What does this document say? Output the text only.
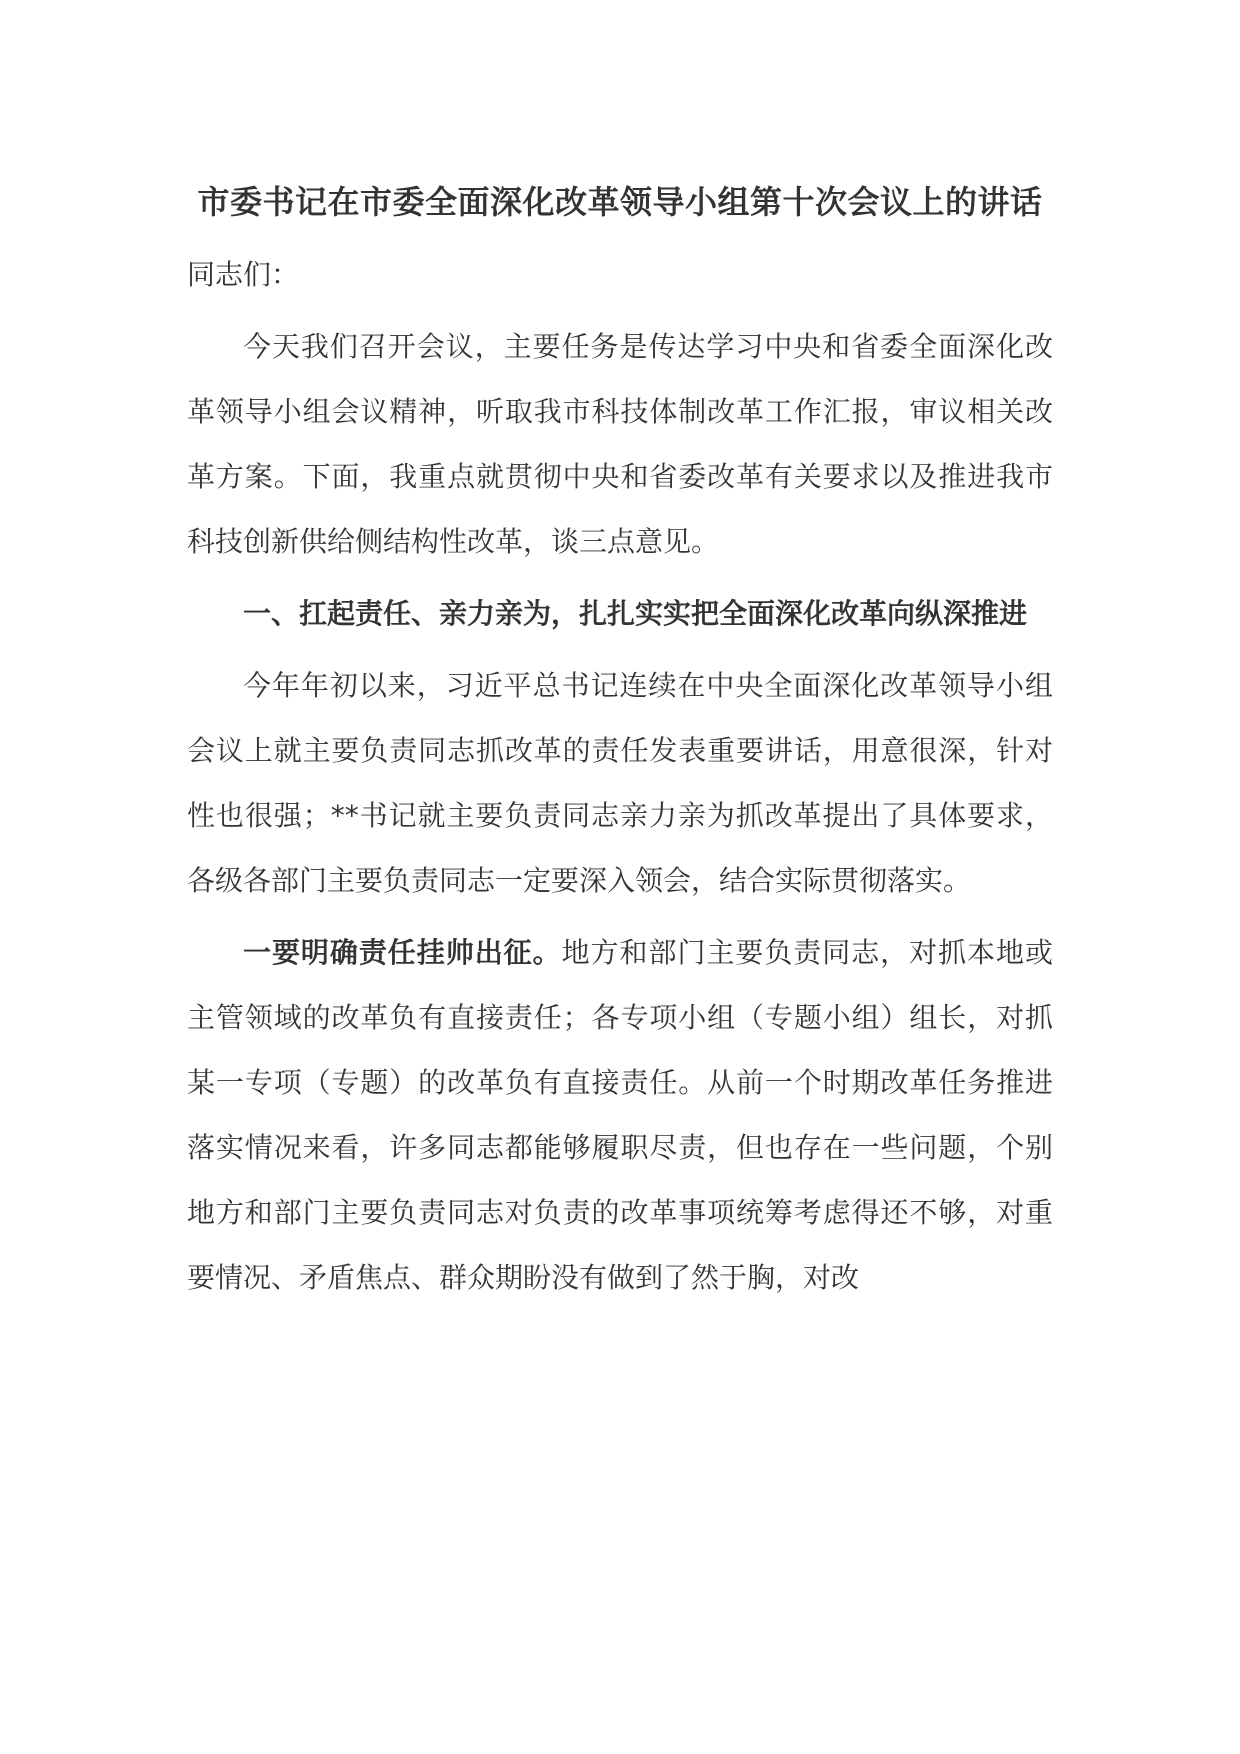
市委书记在市委全面深化改革领导小组第十次会议上的讲话

同志们：

今天我们召开会议，主要任务是传达学习中央和省委全面深化改革领导小组会议精神，听取我市科技体制改革工作汇报，审议相关改革方案。下面，我重点就贯彻中央和省委改革有关要求以及推进我市科技创新供给侧结构性改革，谈三点意见。

一、扛起责任、亲力亲为，扎扎实实把全面深化改革向纵深推进

今年年初以来，习近平总书记连续在中央全面深化改革领导小组会议上就主要负责同志抓改革的责任发表重要讲话，用意很深，针对性也很强；**书记就主要负责同志亲力亲为抓改革提出了具体要求，各级各部门主要负责同志一定要深入领会，结合实际贯彻落实。

一要明确责任挂帅出征。地方和部门主要负责同志，对抓本地或主管领域的改革负有直接责任；各专项小组（专题小组）组长，对抓某一专项（专题）的改革负有直接责任。从前一个时期改革任务推进落实情况来看，许多同志都能够履职尽责，但也存在一些问题，个别地方和部门主要负责同志对负责的改革事项统筹考虑得还不够，对重要情况、矛盾焦点、群众期盼没有做到了然于胸，对改
